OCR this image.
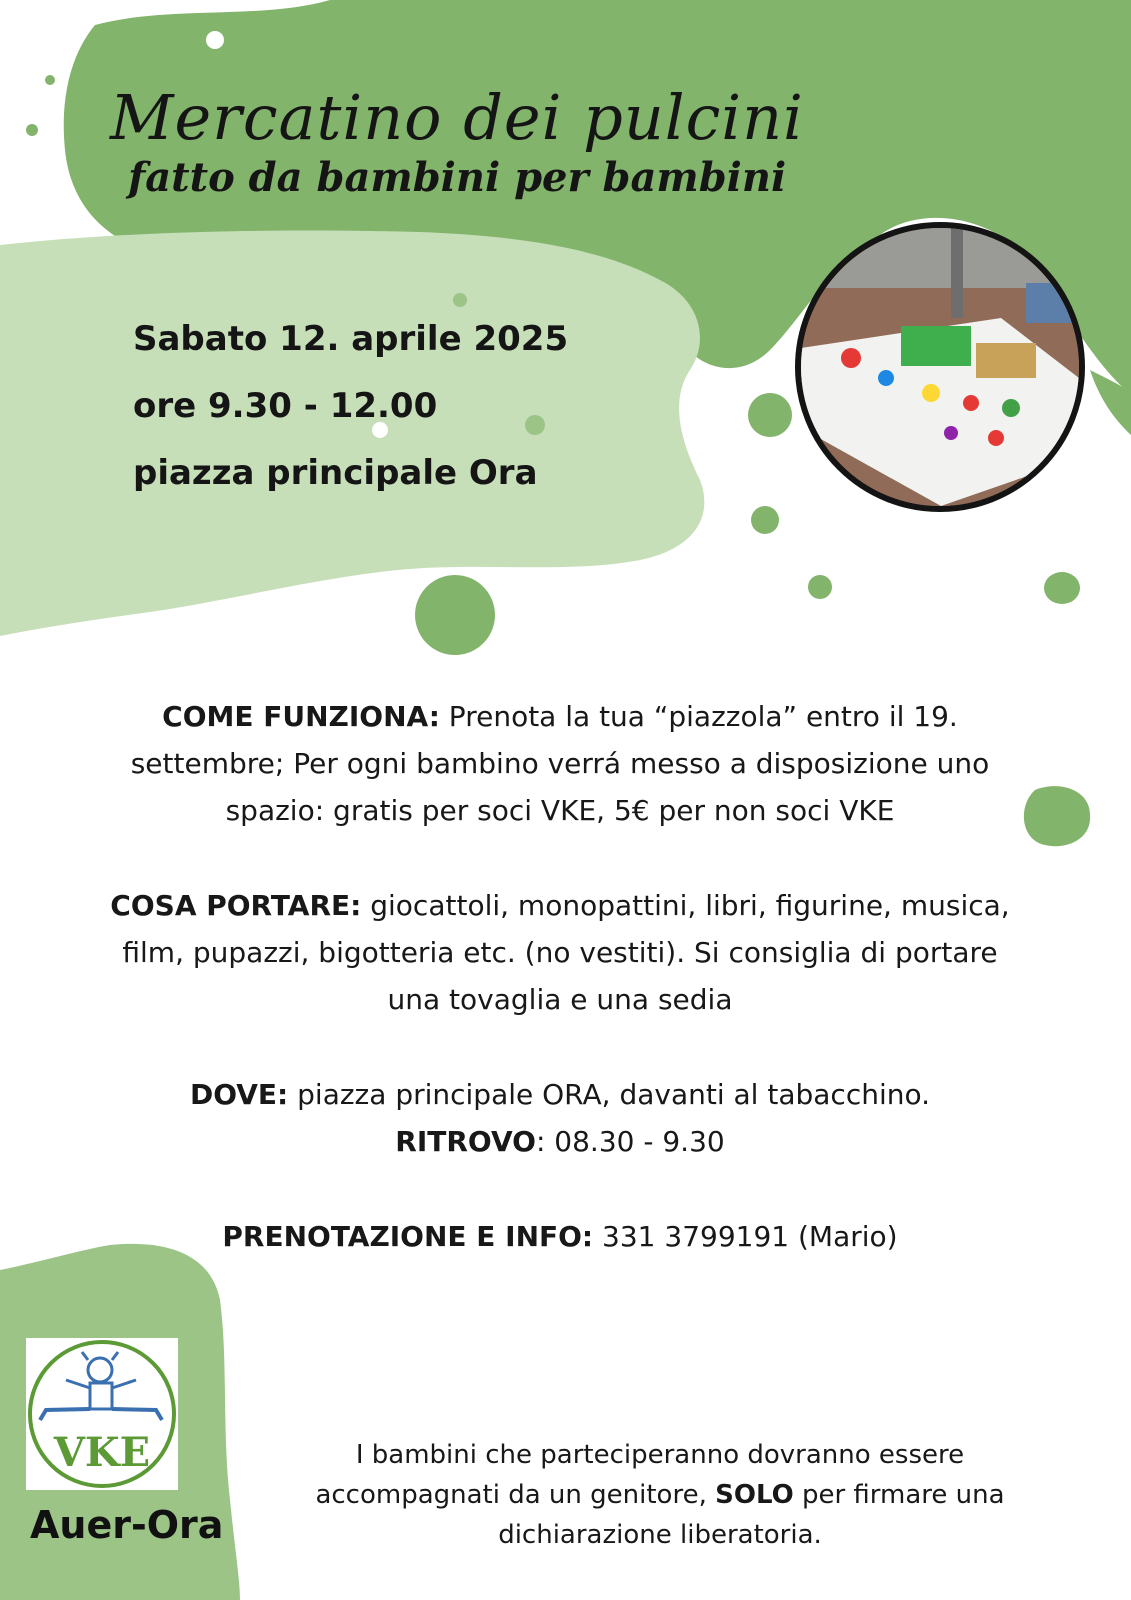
Mercatino dei pulcini
fatto da bambini per bambini
Sabato 12. aprile 2025
ore 9.30 - 12.00
piazza principale Ora

COME FUNZIONA: Prenota la tua “piazzola” entro il 19.
settembre; Per ogni bambino verrá messo a disposizione uno
spazio: gratis per soci VKE, 5€ per non soci VKE

COSA PORTARE: giocattoli, monopattini, libri, figurine, musica,
film, pupazzi, bigotteria etc. (no vestiti). Si consiglia di portare
una tovaglia e una sedia

DOVE: piazza principale ORA, davanti al tabacchino.
RITROVO: 08.30 - 9.30

PRENOTAZIONE E INFO: 331 3799191 (Mario)

VKE
Auer-Ora
I bambini che parteciperanno dovranno essere
accompagnati da un genitore, SOLO per firmare una
dichiarazione liberatoria.
